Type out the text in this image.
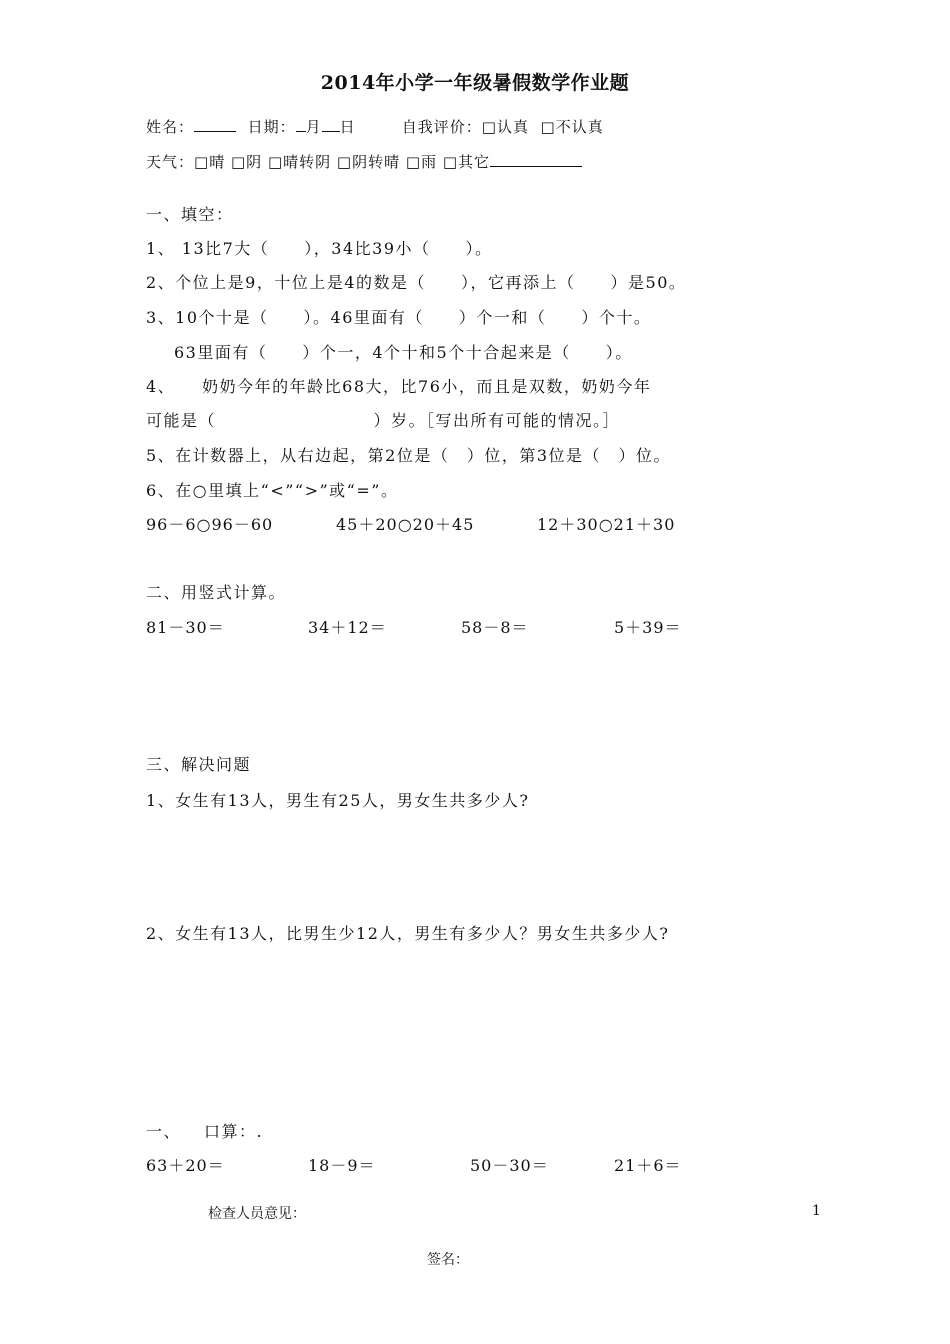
2014年小学一年级暑假数学作业题
姓名：	日期： 月 日	自我评价：□认真 □不认真
天气：□晴 □阴 □晴转阴 □阴转晴 □雨 □其它
一、填空：
1、 13比7大（　　），34比39小（　　）。
2、个位上是9，十位上是4的数是（　　），它再添上（　　）是50。
3、10个十是（　　）。46里面有（　　）个一和（　　）个十。
63里面有（　　）个一，4个十和5个十合起来是（　　）。
4、　　奶奶今年的年龄比68大，比76小，而且是双数，奶奶今年
可能是（　　　　　　　　　）岁。［写出所有可能的情况。］
5、在计数器上，从右边起，第2位是（　）位，第3位是（　）位。
6、在○里填上“<”“>”或“=”。
96－6○96－60	45＋20○20＋45	12＋30○21＋30
二、用竖式计算。
81－30＝	34＋12＝	58－8＝	5＋39＝
三、解决问题
1、女生有13人，男生有25人，男女生共多少人?
2、女生有13人，比男生少12人，男生有多少人？男女生共多少人?
一、 口算：.
63＋20＝	18－9＝	50－30＝	21＋6＝
检查人员意见：	1
签名：
